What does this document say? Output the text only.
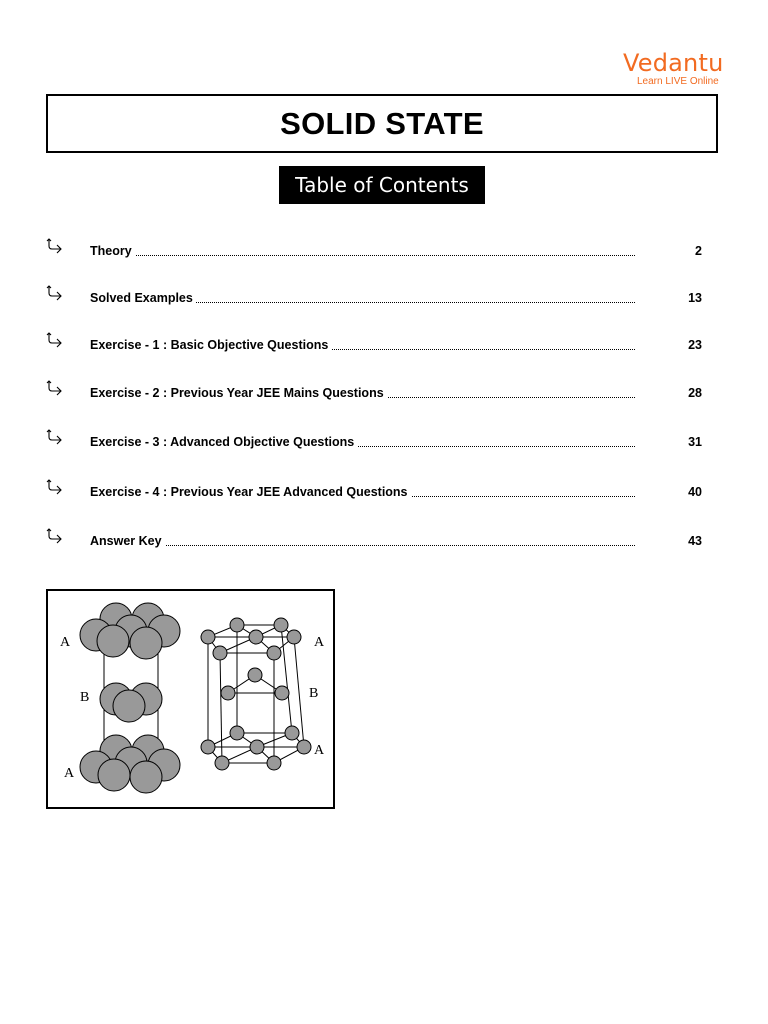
Vedantu
Learn LIVE Online
SOLID STATE
Table of Contents
Theory	2
Solved Examples	13
Exercise - 1 : Basic Objective Questions	23
Exercise - 2 : Previous Year JEE Mains Questions	28
Exercise - 3 : Advanced Objective Questions	31
Exercise - 4 : Previous Year JEE Advanced Questions	40
Answer Key	43
A
B
A
A
B
A
